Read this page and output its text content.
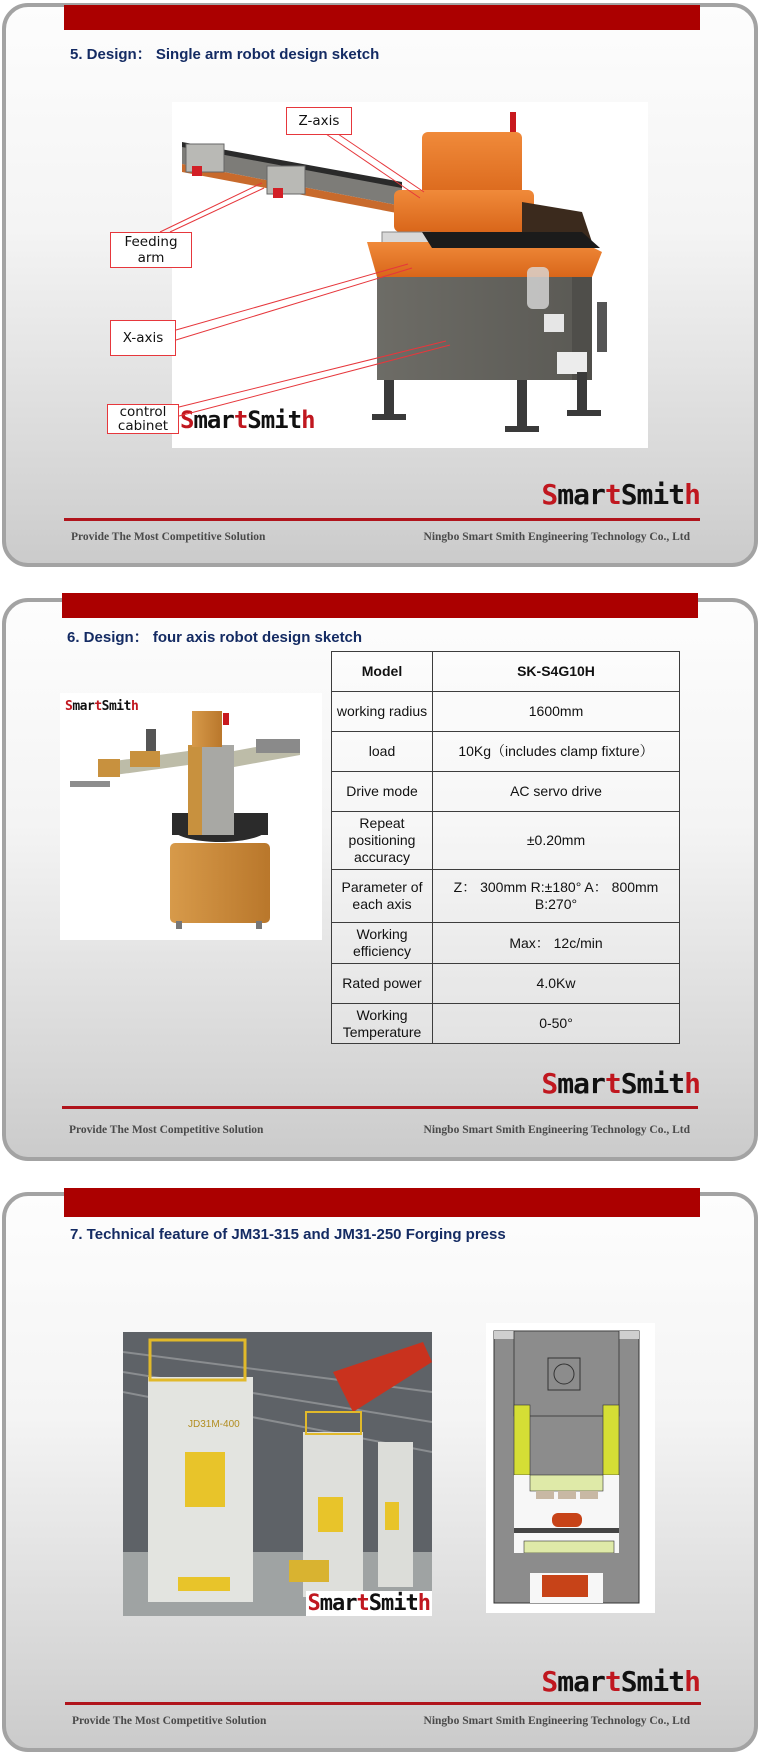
5. Design： Single arm robot design sketch
Z-axis
Feeding arm
X-axis
control cabinet SmartSmith
SmartSmith
Provide The Most Competitive Solution	Ningbo Smart Smith Engineering Technology Co., Ltd
6. Design： four axis robot design sketch
SmartSmith
Model	SK-S4G10H
working radius	1600mm
load	10Kg（includes clamp fixture）
Drive mode	AC servo drive
Repeat positioning accuracy	±0.20mm
Parameter of each axis	Z： 300mm R:±180° A： 800mm B:270°
Working efficiency	Max： 12c/min
Rated power	4.0Kw
Working Temperature	0-50°
SmartSmith
Provide The Most Competitive Solution	Ningbo Smart Smith Engineering Technology Co., Ltd
7. Technical feature of JM31-315 and JM31-250 Forging press
JD31M-400
SmartSmith
SmartSmith
Provide The Most Competitive Solution	Ningbo Smart Smith Engineering Technology Co., Ltd
